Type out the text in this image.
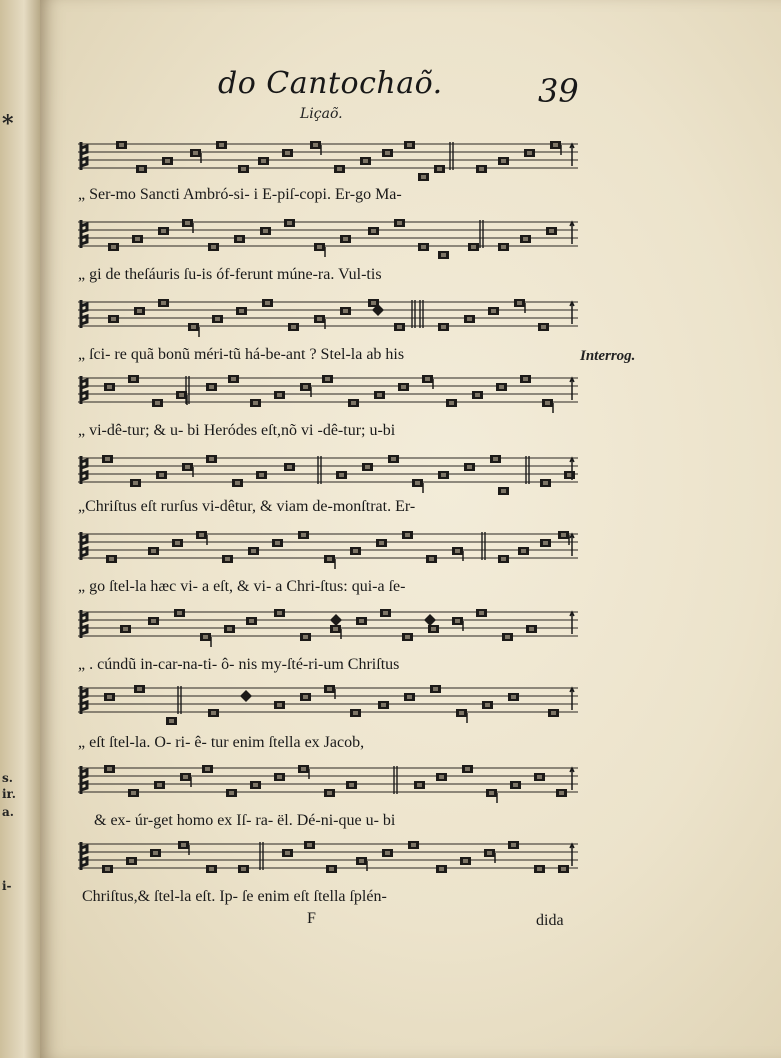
*
s.
ir.
a.
i-
do Cantochaõ.	39
Liçaõ.
„ Ser-mo Sancti Ambró-si- i E-piſ-copi. Er-go Ma-
„ gi de theſáuris ſu-is óf-ferunt múne-ra. Vul-tis
„ ſci- re quã bonũ méri-tũ há-be-ant ? Stel-la ab his
„ vi-dê-tur; & u- bi Heródes eſt,nõ vi -dê-tur; u-bi
„Chriſtus eſt rurſus vi-dêtur, & viam de-monſtrat. Er-
„ go ſtel-la hæc vi- a eſt, & vi- a Chri-ſtus: qui-a ſe-
„ . cúndũ in-car-na-ti- ô- nis my-ſté-ri-um Chriſtus
„ eſt ſtel-la. O- ri- ê- tur enim ſtella ex Jacob,
& ex- úr-get homo ex Iſ- ra- ël. Dé-ni-que u- bi
Chriſtus,& ſtel-la eſt. Ip- ſe enim eſt ſtella ſplén-
Interrog.
F	dida
